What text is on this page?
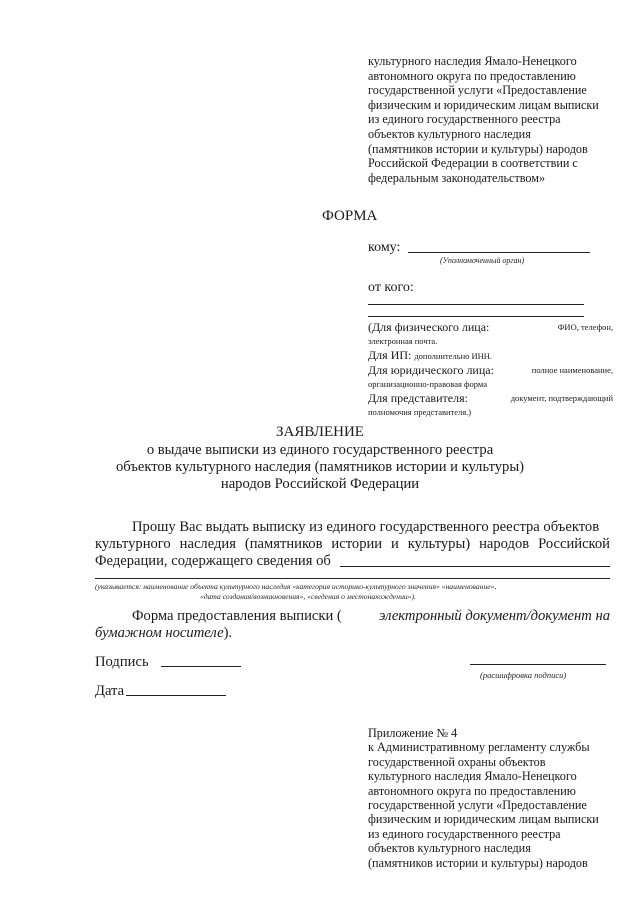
культурного наследия Ямало-Ненецкого
автономного округа по предоставлению
государственной услуги «Предоставление
физическим и юридическим лицам выписки
из единого государственного реестра
объектов культурного наследия
(памятников истории и культуры) народов
Российской Федерации в соответствии с
федеральным законодательством»
ФОРМА
кому:
(Уполномоченный орган)
от кого:
(Для физического лица:	ФИО, телефон,
электронная почта.
Для ИП: дополнительно ИНН.
Для юридического лица:	полное наименование,
организационно-правовая форма
Для представителя:	документ, подтверждающий
полномочия представителя.)
ЗАЯВЛЕНИЕ
о выдаче выписки из единого государственного реестра
объектов культурного наследия (памятников истории и культуры)
народов Российской Федерации
Прошу Вас выдать выписку из единого государственного реестра объектов
культурного наследия (памятников истории и культуры) народов Российской
Федерации, содержащего сведения об
(указывается: наименование объекта культурного наследия «категория историко-культурного значения» «наименование»,
«дата создания/возникновения», «сведения о местонахождении»).
Форма предоставления выписки (	электронный документ/документ на
бумажном носителе).
Подпись
(расшифровка подписи)
Дата
Приложение № 4
к Административному регламенту службы
государственной охраны объектов
культурного наследия Ямало-Ненецкого
автономного округа по предоставлению
государственной услуги «Предоставление
физическим и юридическим лицам выписки
из единого государственного реестра
объектов культурного наследия
(памятников истории и культуры) народов
